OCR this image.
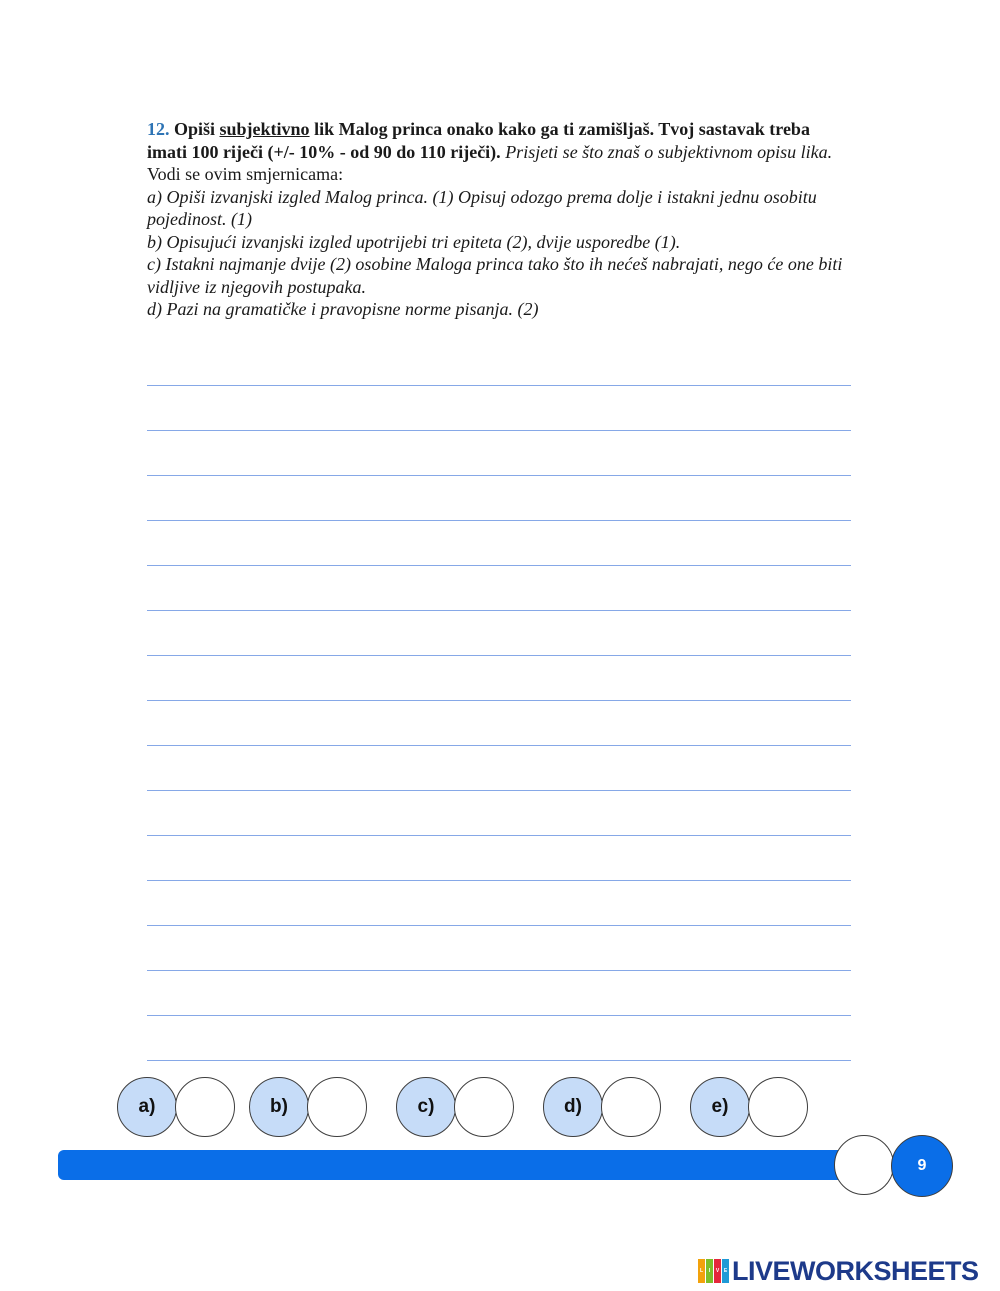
12. Opiši subjektivno lik Malog princa onako kako ga ti zamišljaš. Tvoj sastavak treba imati 100 riječi (+/- 10% - od 90 do 110 riječi). Prisjeti se što znaš o subjektivnom opisu lika.

Vodi se ovim smjernicama:

a) Opiši izvanjski izgled Malog princa. (1) Opisuj odozgo prema dolje i istakni jednu osobitu pojedinost. (1)

b) Opisujući izvanjski izgled upotrijebi tri epiteta (2), dvije usporedbe (1).

c) Istakni najmanje dvije (2) osobine Maloga princa tako što ih nećeš nabrajati, nego će one biti vidljive iz njegovih postupaka.

d) Pazi na gramatičke i pravopisne norme pisanja. (2)

a)	b)	c)	d)	e)
9
L	I	V E LIVEWORKSHEETS
